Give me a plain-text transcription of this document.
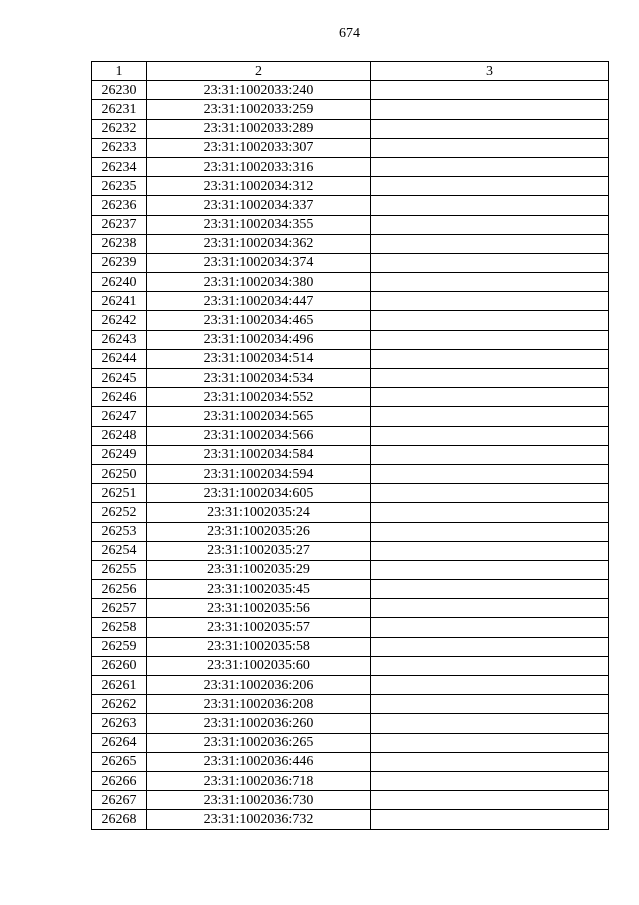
674
1	2	3
26230	23:31:1002033:240	
26231	23:31:1002033:259	
26232	23:31:1002033:289	
26233	23:31:1002033:307	
26234	23:31:1002033:316	
26235	23:31:1002034:312	
26236	23:31:1002034:337	
26237	23:31:1002034:355	
26238	23:31:1002034:362	
26239	23:31:1002034:374	
26240	23:31:1002034:380	
26241	23:31:1002034:447	
26242	23:31:1002034:465	
26243	23:31:1002034:496	
26244	23:31:1002034:514	
26245	23:31:1002034:534	
26246	23:31:1002034:552	
26247	23:31:1002034:565	
26248	23:31:1002034:566	
26249	23:31:1002034:584	
26250	23:31:1002034:594	
26251	23:31:1002034:605	
26252	23:31:1002035:24	
26253	23:31:1002035:26	
26254	23:31:1002035:27	
26255	23:31:1002035:29	
26256	23:31:1002035:45	
26257	23:31:1002035:56	
26258	23:31:1002035:57	
26259	23:31:1002035:58	
26260	23:31:1002035:60	
26261	23:31:1002036:206	
26262	23:31:1002036:208	
26263	23:31:1002036:260	
26264	23:31:1002036:265	
26265	23:31:1002036:446	
26266	23:31:1002036:718	
26267	23:31:1002036:730	
26268	23:31:1002036:732	
